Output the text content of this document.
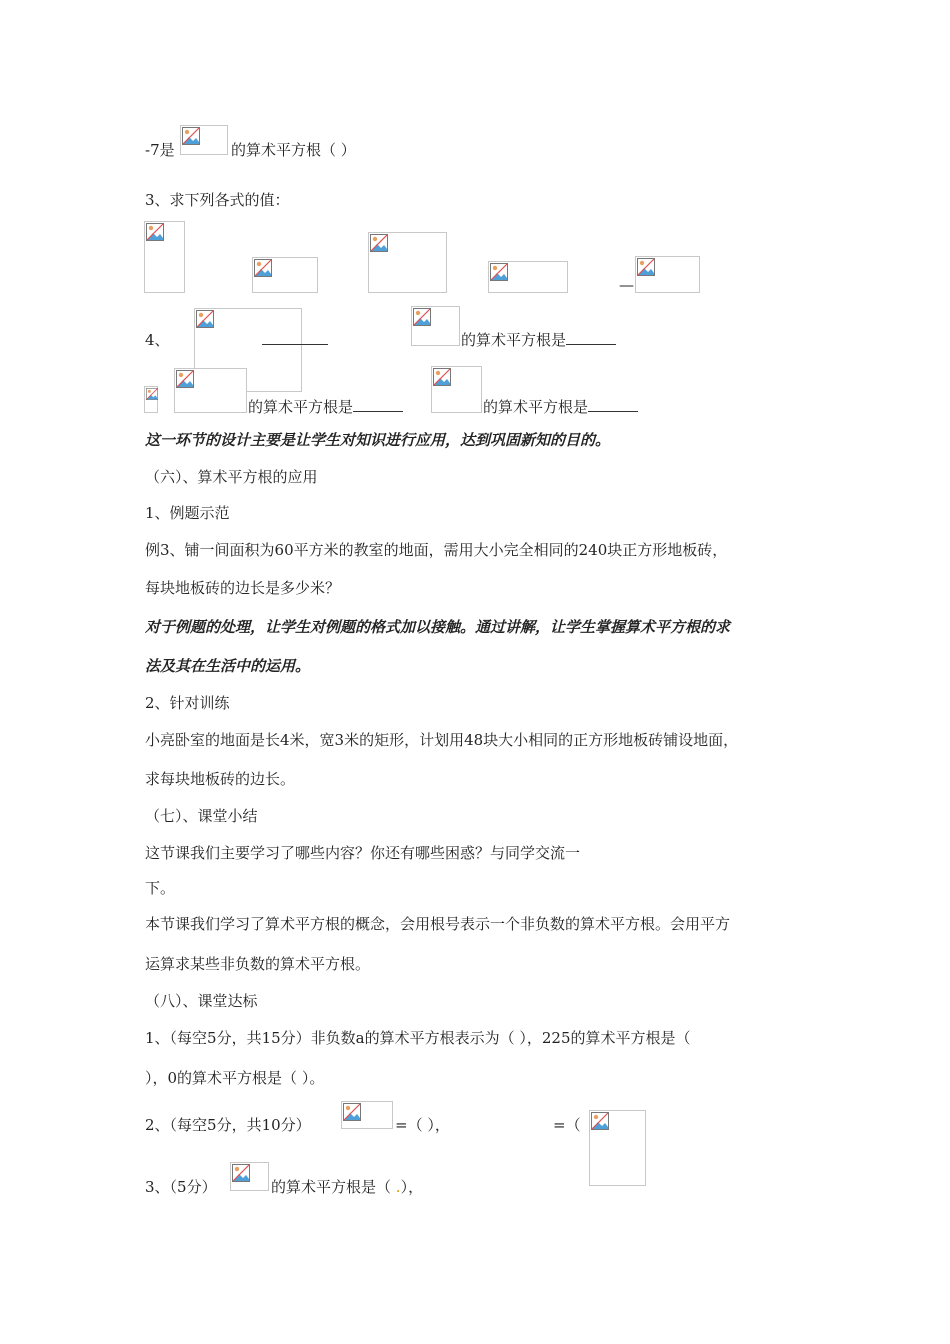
-7是	的算术平方根（ ）
3、求下列各式的值：
—
4、	的算术平方根是
的算术平方根是	的算术平方根是
这一环节的设计主要是让学生对知识进行应用，达到巩固新知的目的。
（六）、算术平方根的应用
1、例题示范
例3、铺一间面积为60平方米的教室的地面，需用大小完全相同的240块正方形地板砖，
每块地板砖的边长是多少米？
对于例题的处理，让学生对例题的格式加以接触。通过讲解，让学生掌握算术平方根的求
法及其在生活中的运用。
2、针对训练
小亮卧室的地面是长4米，宽3米的矩形，计划用48块大小相同的正方形地板砖铺设地面，
求每块地板砖的边长。
（七）、课堂小结
这节课我们主要学习了哪些内容？你还有哪些困惑？与同学交流一
下。
本节课我们学习了算术平方根的概念，会用根号表示一个非负数的算术平方根。会用平方
运算求某些非负数的算术平方根。
（八）、课堂达标
1、（每空5分，共15分）非负数a的算术平方根表示为（ ），225的算术平方根是（
），0的算术平方根是（ ）。
2、（每空5分，共10分）	=（ ），	=（
3、（5分）	的算术平方根是（ .），
